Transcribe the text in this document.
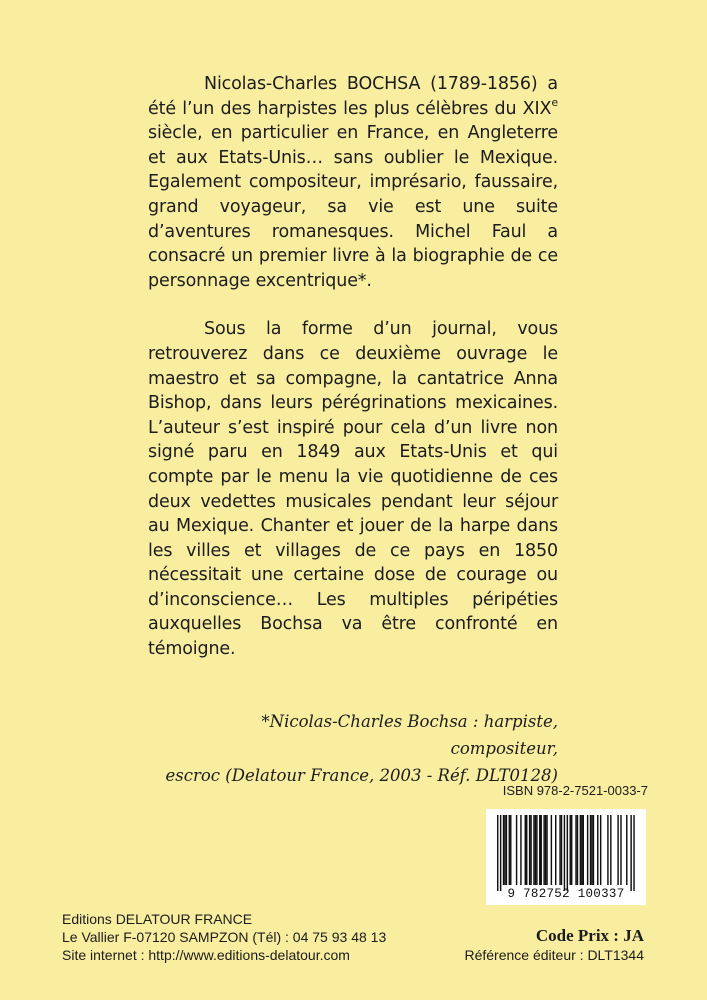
Nicolas-Charles BOCHSA (1789-1856) a été l’un des harpistes les plus célèbres du XIXe siècle, en particulier en France, en Angleterre et aux Etats-Unis… sans oublier le Mexique. Egalement compositeur, imprésario, faussaire, grand voyageur, sa vie est une suite d’aventures romanesques. Michel Faul a consacré un premier livre à la biographie de ce personnage excentrique*.

Sous la forme d’un journal, vous retrouverez dans ce deuxième ouvrage le maestro et sa compagne, la cantatrice Anna Bishop, dans leurs pérégrinations mexicaines. L’auteur s’est inspiré pour cela d’un livre non signé paru en 1849 aux Etats-Unis et qui compte par le menu la vie quotidienne de ces deux vedettes musicales pendant leur séjour au Mexique. Chanter et jouer de la harpe dans les villes et villages de ce pays en 1850 nécessitait une certaine dose de courage ou d’inconscience… Les multiples péripéties auxquelles Bochsa va être confronté en témoigne.

*Nicolas-Charles Bochsa : harpiste, compositeur,
escroc (Delatour France, 2003 - Réf. DLT0128)
ISBN 978-2-7521-0033-7
9 782752 100337
Editions DELATOUR FRANCE
Le Vallier F-07120 SAMPZON (Tél) : 04 75 93 48 13
Site internet : http://www.editions-delatour.com
Code Prix : JA
Référence éditeur : DLT1344
